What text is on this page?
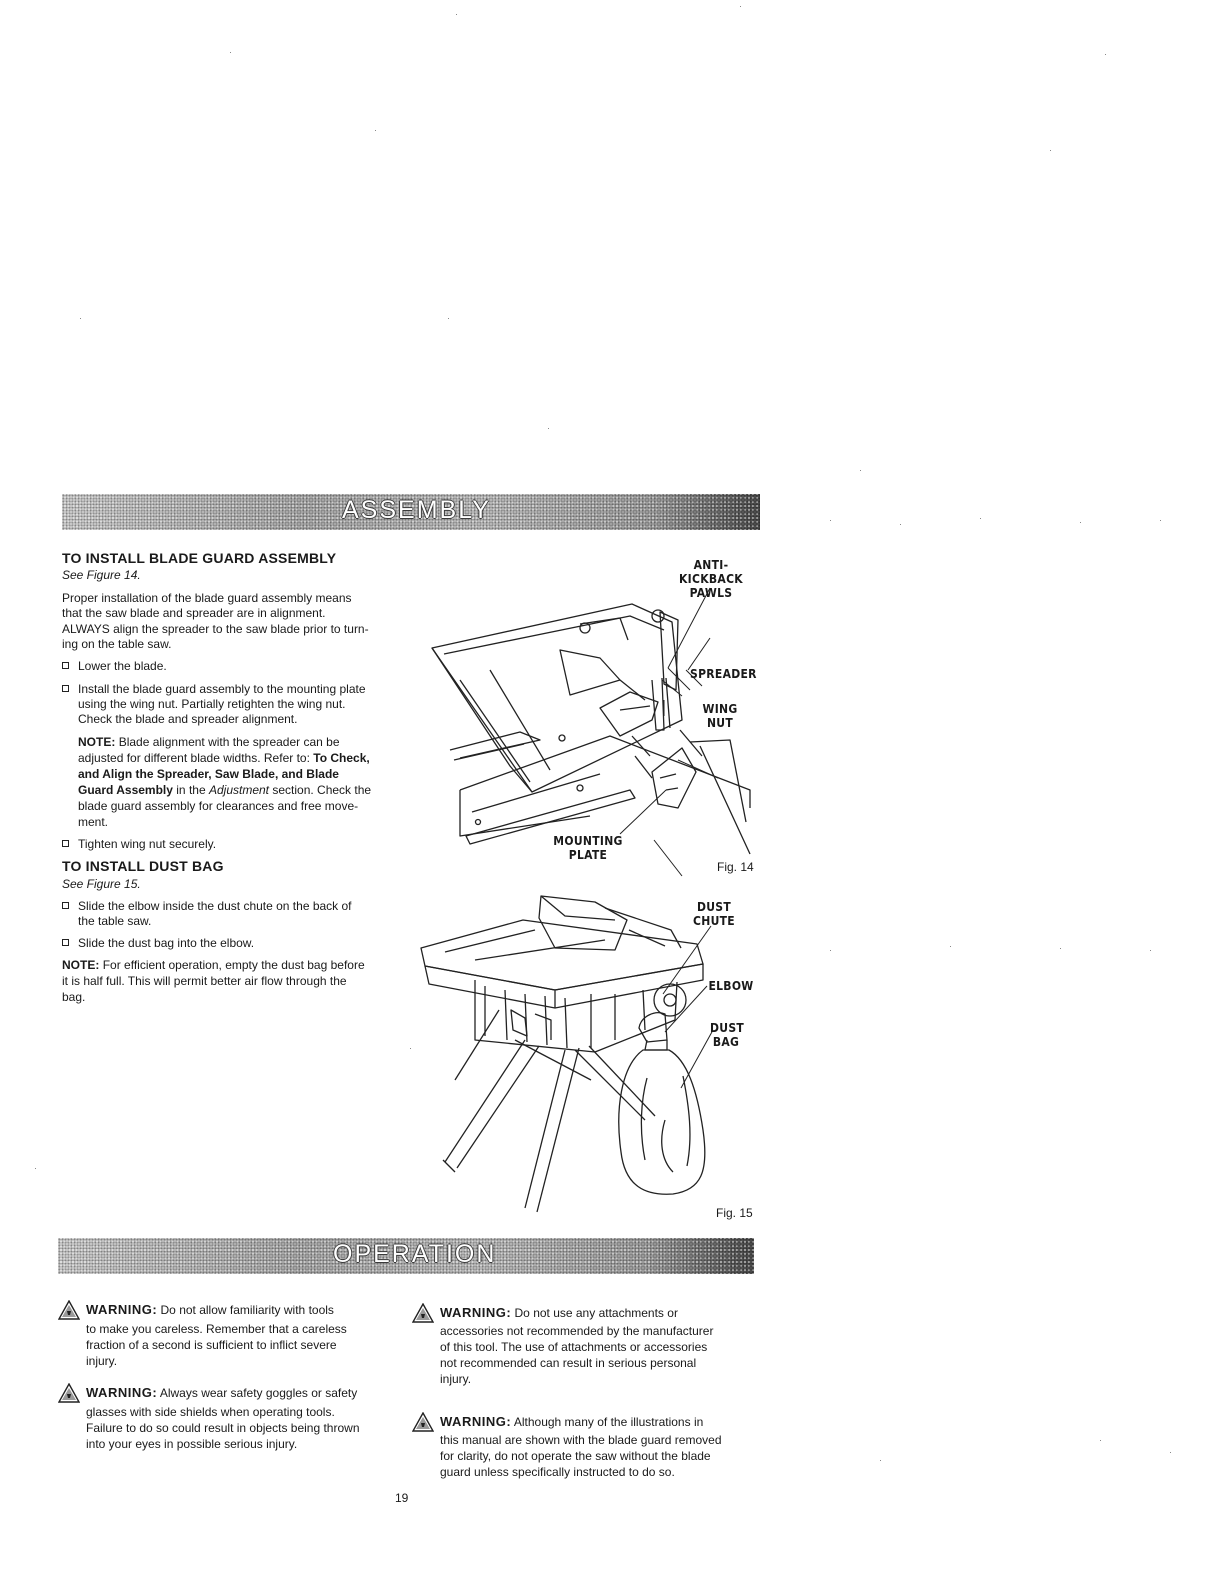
ASSEMBLY
TO INSTALL BLADE GUARD ASSEMBLY

See Figure 14.

Proper installation of the blade guard assembly means

that the saw blade and spreader are in alignment.

ALWAYS align the spreader to the saw blade prior to turn-

ing on the table saw.

Lower the blade.
Install the blade guard assembly to the mounting plate
using the wing nut. Partially retighten the wing nut.
Check the blade and spreader alignment.

NOTE: Blade alignment with the spreader can be

adjusted for different blade widths. Refer to: To Check,

and Align the Spreader, Saw Blade, and Blade

Guard Assembly in the Adjustment section. Check the

blade guard assembly for clearances and free move-

ment.

Tighten wing nut securely.
TO INSTALL DUST BAG

See Figure 15.

Slide the elbow inside the dust chute on the back of
the table saw.
Slide the dust bag into the elbow.

NOTE: For efficient operation, empty the dust bag before

it is half full. This will permit better air flow through the

bag.

ANTI-KICKBACK
PAWLS
SPREADER
WING
NUT
MOUNTING
PLATE

Fig. 14

DUST
CHUTE
ELBOW
DUST
BAG

Fig. 15

OPERATION

WARNING: Do not allow familiarity with tools

to make you careless. Remember that a careless

fraction of a second is sufficient to inflict severe

injury.

WARNING: Always wear safety goggles or safety

glasses with side shields when operating tools.

Failure to do so could result in objects being thrown

into your eyes in possible serious injury.

WARNING: Do not use any attachments or

accessories not recommended by the manufacturer

of this tool. The use of attachments or accessories

not recommended can result in serious personal

injury.

WARNING: Although many of the illustrations in

this manual are shown with the blade guard removed

for clarity, do not operate the saw without the blade

guard unless specifically instructed to do so.

19
